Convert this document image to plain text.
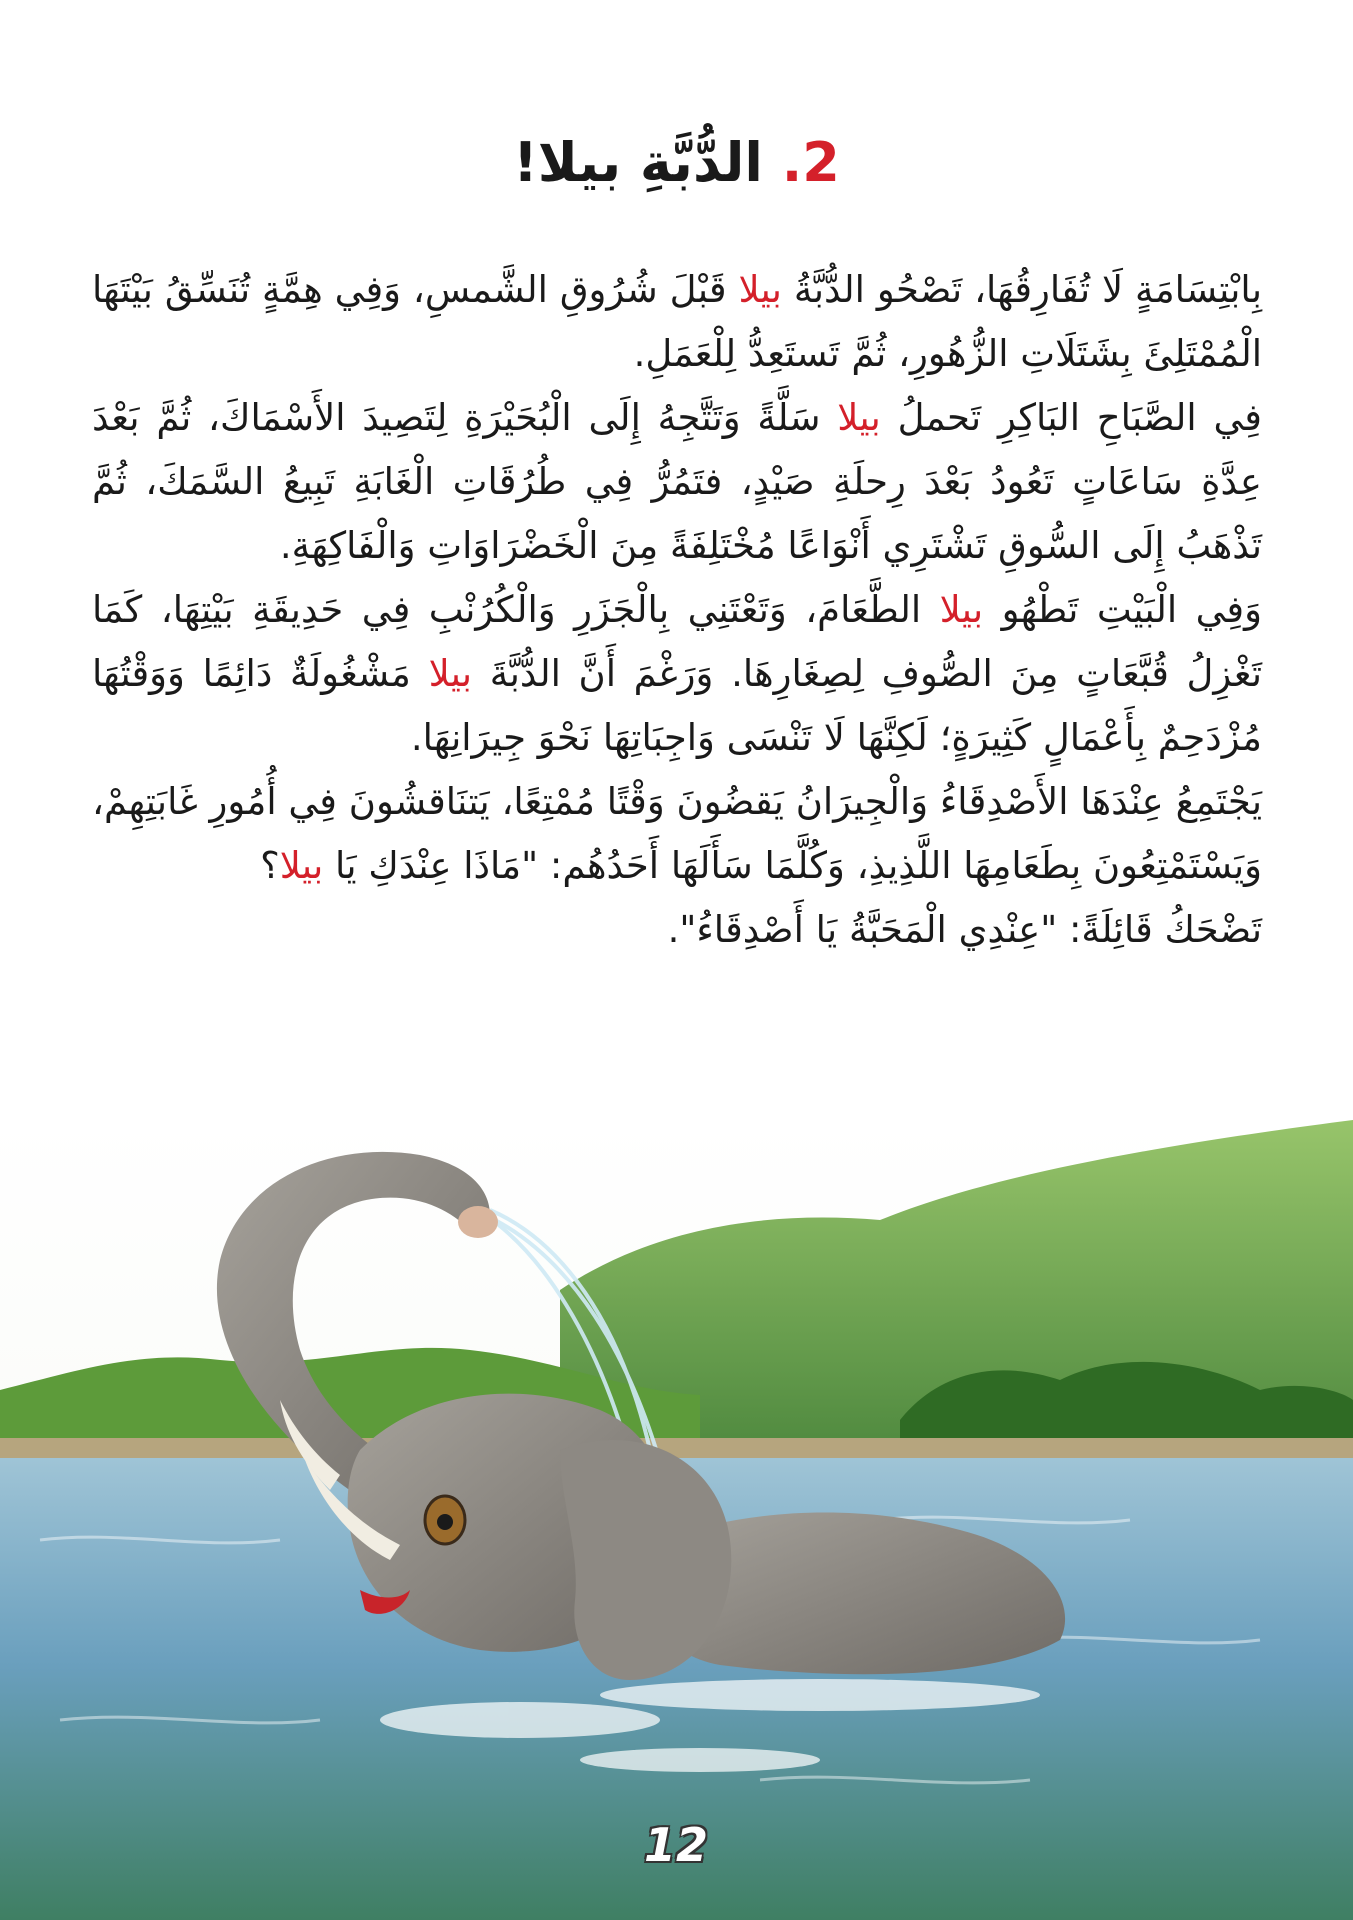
2. الدُّبَّةِ بيلا!

بِابْتِسَامَةٍ لَا تُفَارِقُهَا، تَصْحُو الدُّبَّةُ بيلا قَبْلَ شُرُوقِ الشَّمسِ، وَفِي هِمَّةٍ تُنَسِّقُ بَيْتَهَا الْمُمْتَلِئَ بِشَتَلَاتِ الزُّهُورِ، ثُمَّ تَستَعِدُّ لِلْعَمَلِ.

فِي الصَّبَاحِ البَاكِرِ تَحملُ بيلا سَلَّةً وَتَتَّجِهُ إِلَى الْبُحَيْرَةِ لِتَصِيدَ الأَسْمَاكَ، ثُمَّ بَعْدَ عِدَّةِ سَاعَاتٍ تَعُودُ بَعْدَ رِحلَةِ صَيْدٍ، فتَمُرُّ فِي طُرُقَاتِ الْغَابَةِ تَبِيعُ السَّمَكَ، ثُمَّ تَذْهَبُ إِلَى السُّوقِ تَشْتَرِي أَنْوَاعًا مُخْتَلِفَةً مِنَ الْخَضْرَاوَاتِ وَالْفَاكِهَةِ.

وَفِي الْبَيْتِ تَطْهُو بيلا الطَّعَامَ، وَتَعْتَنِي بِالْجَزَرِ وَالْكُرُنْبِ فِي حَدِيقَةِ بَيْتِهَا، كَمَا تَغْزِلُ قُبَّعَاتٍ مِنَ الصُّوفِ لِصِغَارِهَا. وَرَغْمَ أَنَّ الدُّبَّةَ بيلا مَشْغُولَةٌ دَائِمًا وَوَقْتُهَا مُزْدَحِمٌ بِأَعْمَالٍ كَثِيرَةٍ؛ لَكِنَّهَا لَا تَنْسَى وَاجِبَاتِهَا نَحْوَ جِيرَانِهَا.

يَجْتَمِعُ عِنْدَهَا الأَصْدِقَاءُ وَالْجِيرَانُ يَقضُونَ وَقْتًا مُمْتِعًا، يَتنَاقشُونَ فِي أُمُورِ غَابَتِهِمْ، وَيَسْتَمْتِعُونَ بِطَعَامِهَا اللَّذِيذِ، وَكُلَّمَا سَأَلَهَا أَحَدُهُم: "مَاذَا عِنْدَكِ يَا بيلا؟

تَضْحَكُ قَائِلَةً: "عِنْدِي الْمَحَبَّةُ يَا أَصْدِقَاءُ".

12
